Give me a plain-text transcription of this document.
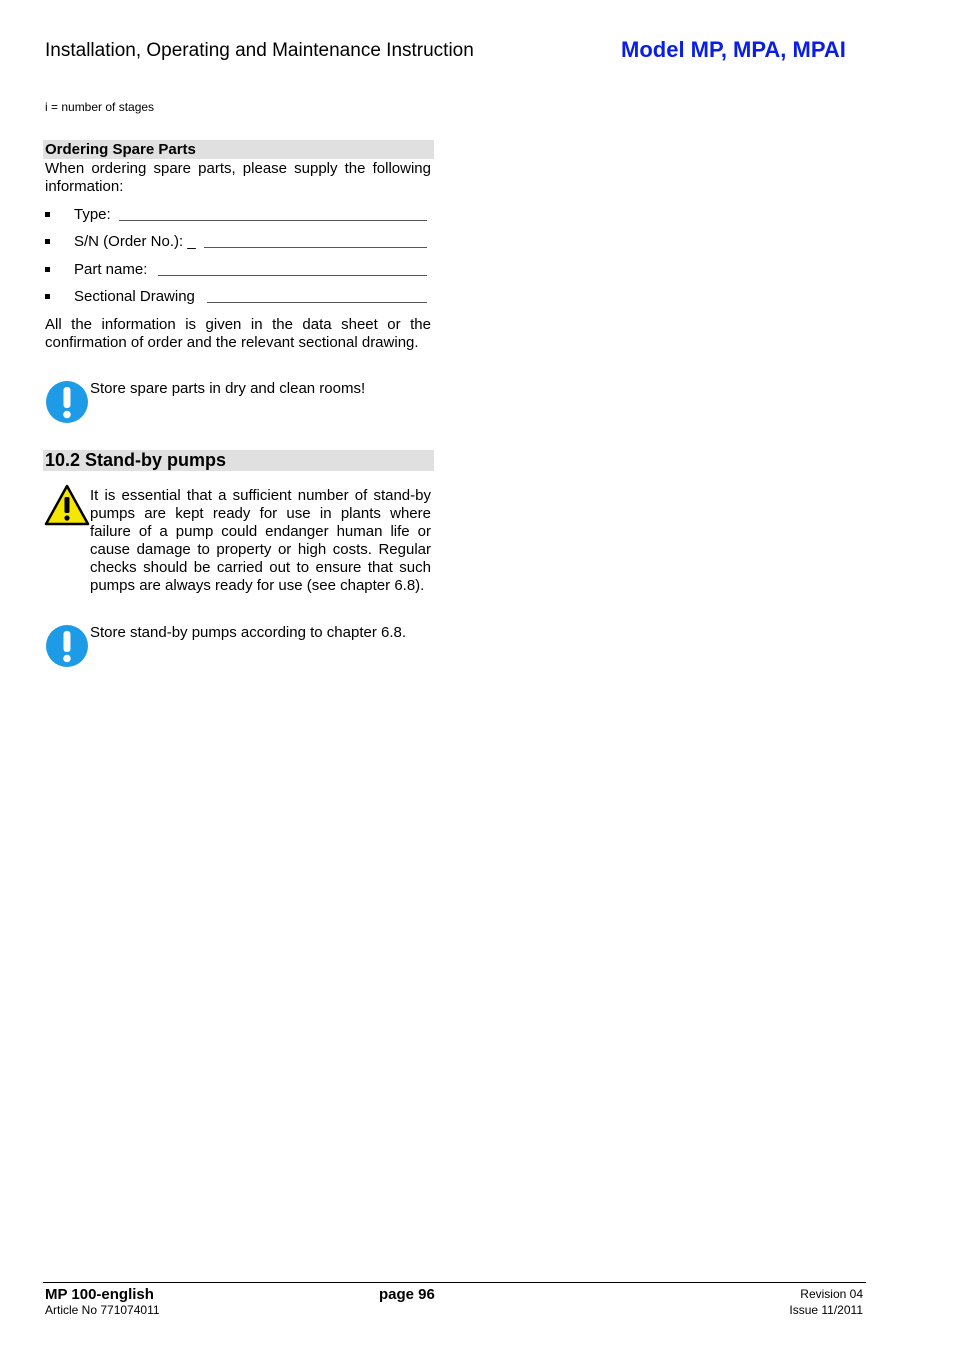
Installation, Operating and Maintenance Instruction	Model MP, MPA, MPAI
i = number of stages
Ordering Spare Parts
When ordering spare parts, please supply the following information:
Type:
S/N (Order No.): _
Part name:
Sectional Drawing
All the information is given in the data sheet or the confirmation of order and the relevant sectional drawing.
Store spare parts in dry and clean rooms!
10.2 Stand-by pumps
It is essential that a sufficient number of stand-by pumps are kept ready for use in plants where failure of a pump could endanger human life or cause damage to property or high costs. Regular checks should be carried out to ensure that such pumps are always ready for use (see chapter 6.8).
Store stand-by pumps according to chapter 6.8.
MP 100-english
Article No 771074011
page 96	Revision 04
Issue 11/2011
